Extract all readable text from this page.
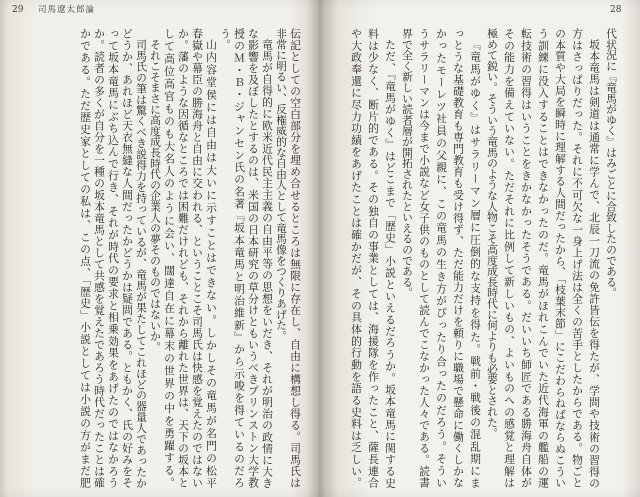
29 司馬遼太郎論
伝記としての空白部分を埋め合せるところは無限に存在し、自由に構想し得る。司馬氏は
非常に明るい、反権威的な自由人として竜馬像をつくりあげた。
竜馬が自得的に欧米近代民主主義の自由平等の思想をいだき、それが明治の政情に大き
な影響を及ぼしたとするのは、米国の日本研究の草分けともいうべきプリンストン大学教
授のＭ・Ｂ・ジャンセン氏の名著『坂本竜馬と明治維新』から示唆を得ているのだろ
う。
山内容堂侯には自由は大いに示すことはできない。しかしその竜馬が名門の松平
春嶽や幕臣の勝海舟と自由に交われる、ということこそ司馬氏は快感を覚えたのではない
か。藩のような因循なところでは困難だけれども、それから離れた世界は、天下の坂本と
して高位高官ものも大名人のように会い、闊達自在に幕末の世界の中を勇躍する。
それこそまさに高度成長時代の企業人の夢そのものではないか。
司馬氏の筆は驚くべき説得力を持っているが、竜馬が果たしてこれほどの器量人であったか
どうか、あれほど天衣無縫な人間だったかどうかは疑問である。ともかく、氏の好みをそ
って坂本竜馬にぶち込んで行き、それが時代の要求と相乗効果をあげたのではなかろう
か。読者の多くが自分を一種の坂本竜馬として共感を覚えたであろう時代だったことは確
かである。ただ歴史家としての私は、この点、「歴史」小説としては小説の方がまだ肥
28
代状況に『竜馬がゆく』はみごとに合致したのである。
坂本竜馬は剣道は通常に学んで、北辰一刀流の免許皆伝を得たが、学問や技術の習得の
方はさっぱりだった。それに不可欠な一身上げ法は全くの苦手としたからである。物ごと
の本質や大局を瞬時に理解する人間だったから、「枝葉末節」にこだわらねばならぬこうい
う訓練に没入することはできなかったのだ。竜馬がほれこんでいた近代海軍の艦船の運
転技術の習得はいうことをきかなかったそうである。だいいち師匠である勝海舟自体が
その能力を備えていない。ただそれに比例して新しいもの、よいものへの感覚と理解は
極めて鋭い。そういう竜馬のような人物こそ高度成長時代に何よりも必要とされた。
『竜馬がゆく』はサラリーマン層に圧倒的な支持を得た。戦前・戦後の混乱期にま
っとうな基礎教育も専門教育も受け得ず、ただ能力だけを頼りに職場で懸命に働くしかな
かったモーレツ社員の父親に、この竜馬の生き方がぴったり合ったのだろう。そうい
うサラリーマンは今まで小説など女子供のものとして読んでこなかった人々である。読書
界で全く新しい読者層が開拓されたといえるのである。
ただ、『竜馬がゆく』はどこまで「歴史」小説といえるだろうか。坂本竜馬に関する史
料は少なく、断片的である。その独自の事業としては、海援隊を作ったこと、薩長連合
や大政奉還に尽力功績をあげたことは確かだが、その具体的行動を語る史料は乏しい。
